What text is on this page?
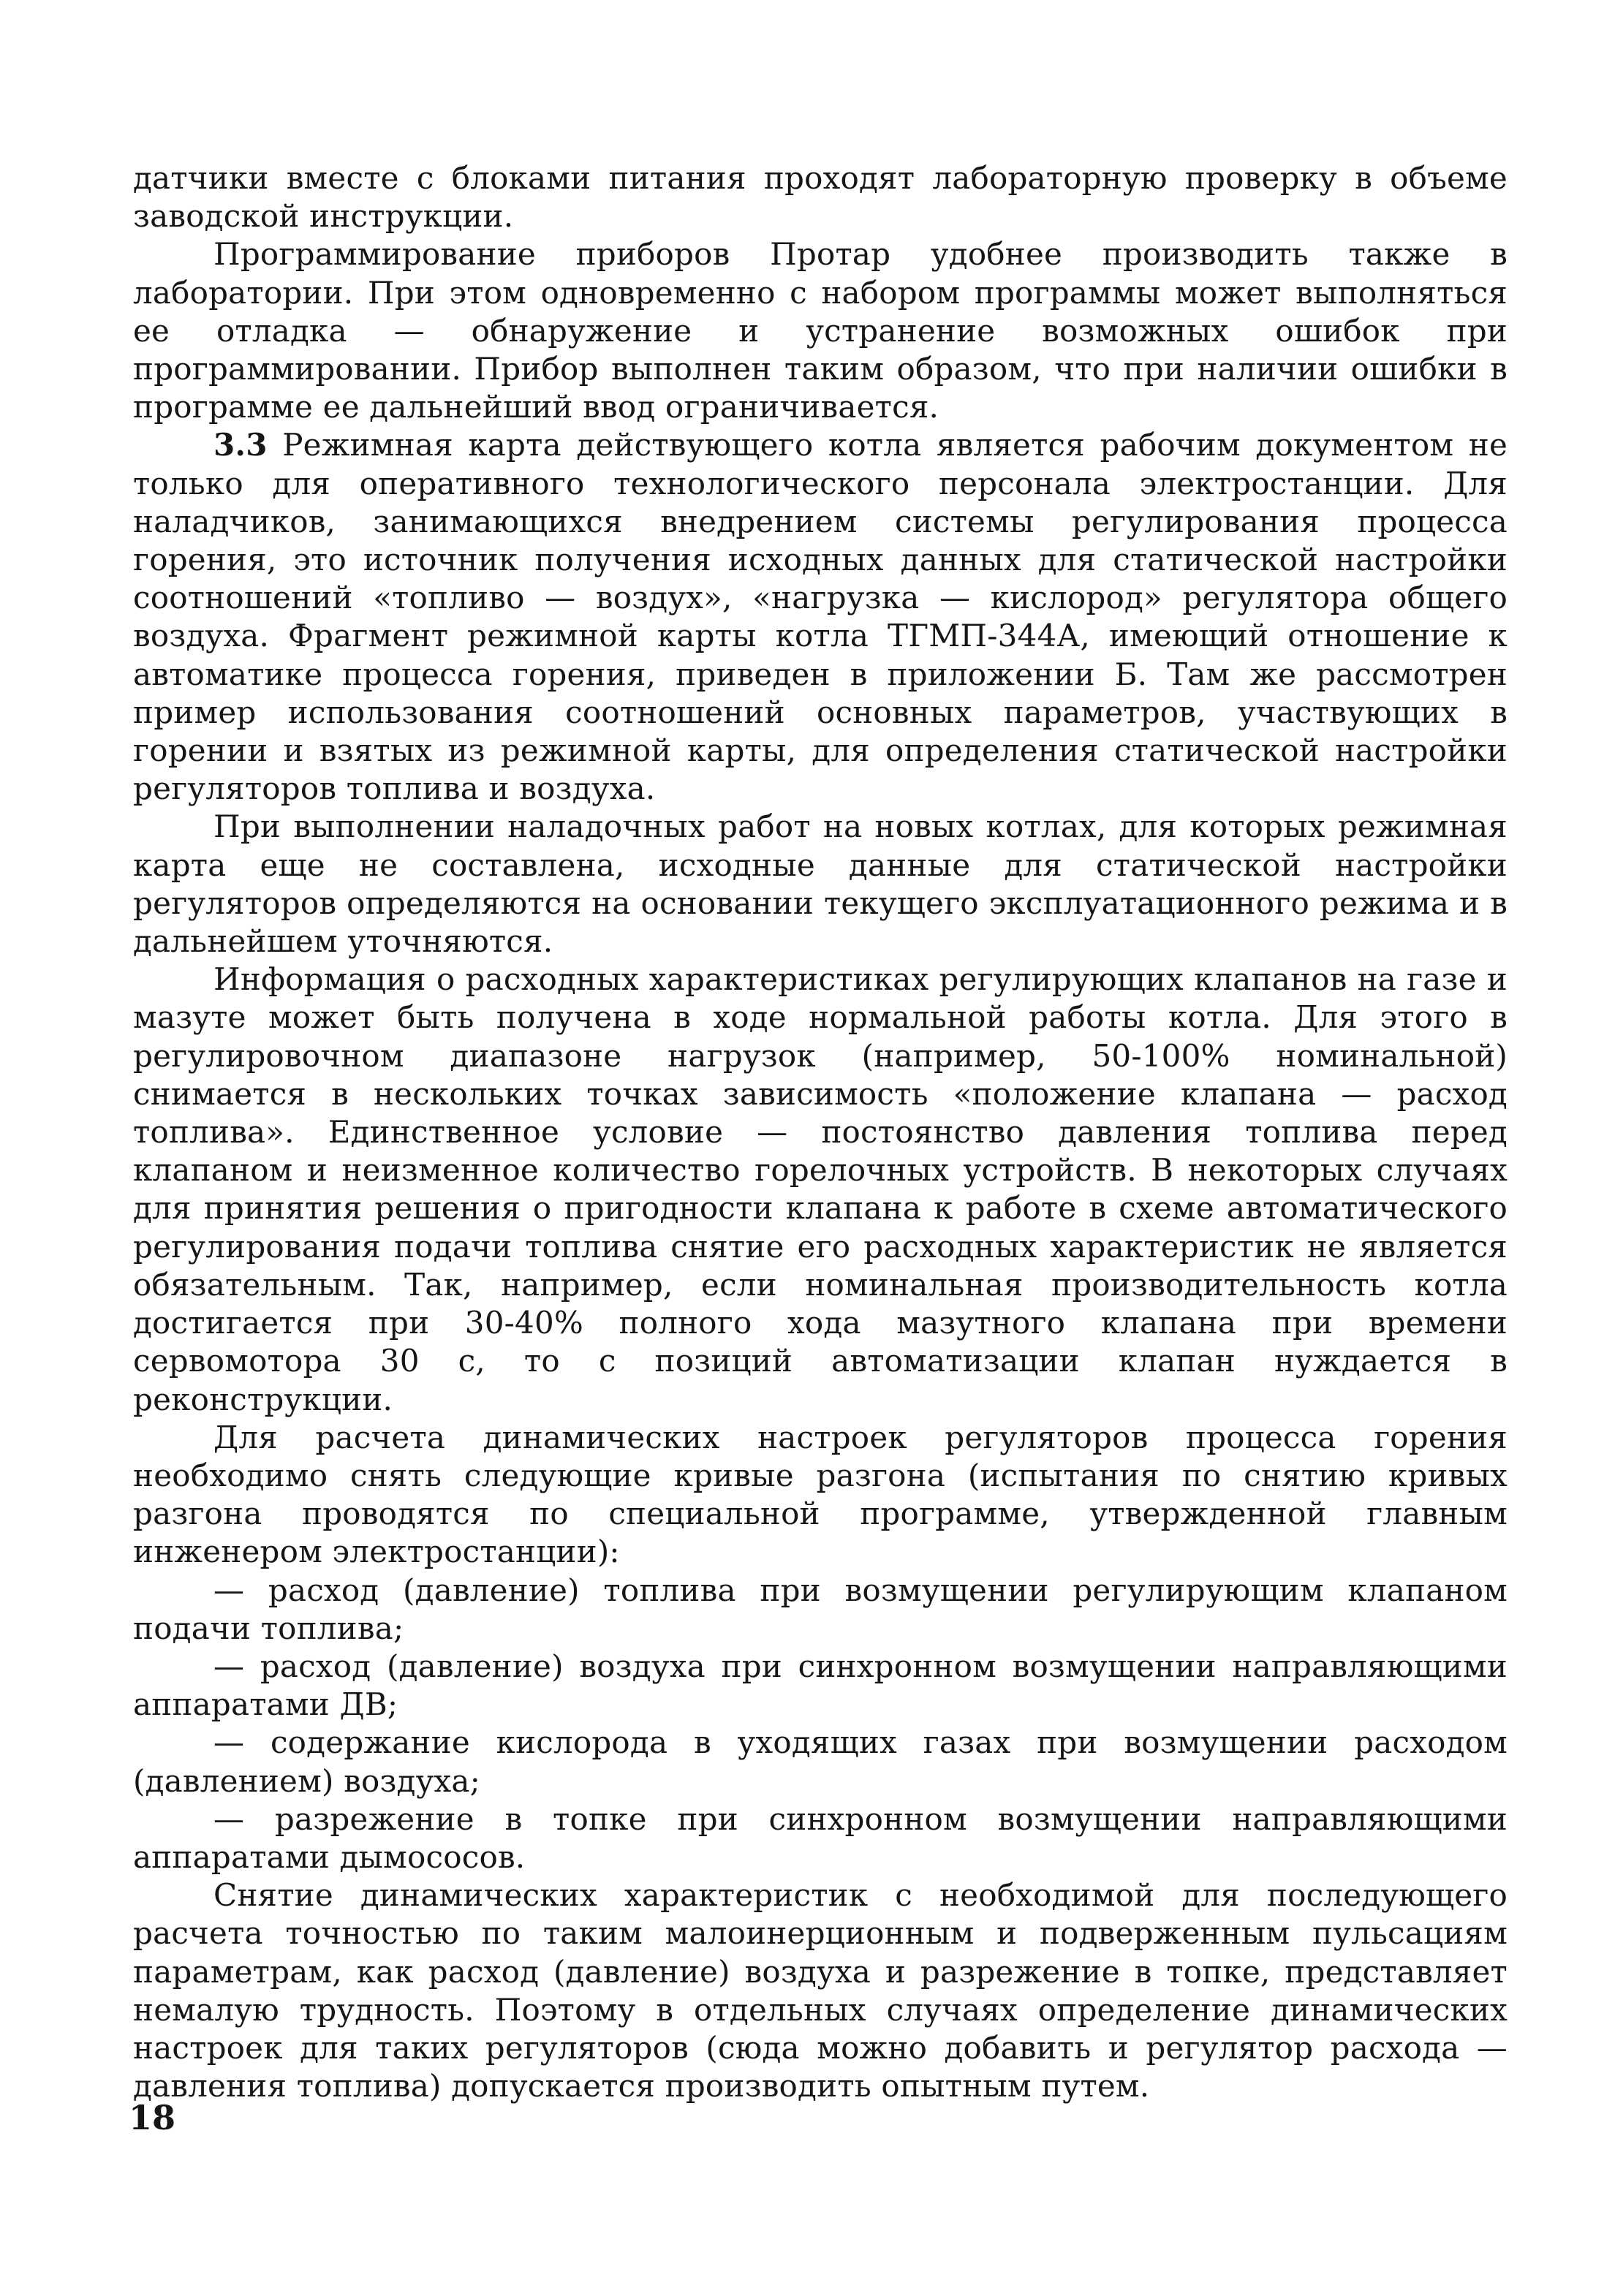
датчики вместе с блоками питания проходят лабораторную проверку в объеме заводской инструкции.

Программирование приборов Протар удобнее производить также в лаборатории. При этом одновременно с набором программы может выполняться ее отладка — обнаружение и устранение возможных ошибок при программировании. Прибор выполнен таким образом, что при наличии ошибки в программе ее дальнейший ввод ограничивается.

3.3 Режимная карта действующего котла является рабочим документом не только для оперативного технологического персонала электростанции. Для наладчиков, занимающихся внедрением системы регулирования процесса горения, это источник получения исходных данных для статической настройки соотношений «топливо — воздух», «нагрузка — кислород» регулятора общего воздуха. Фрагмент режимной карты котла ТГМП-344А, имеющий отношение к автоматике процесса горения, приведен в приложении Б. Там же рассмотрен пример использования соотношений основных параметров, участвующих в горении и взятых из режимной карты, для определения статической настройки регуляторов топлива и воздуха.

При выполнении наладочных работ на новых котлах, для которых режимная карта еще не составлена, исходные данные для статической настройки регуляторов определяются на основании текущего эксплуатационного режима и в дальнейшем уточняются.

Информация о расходных характеристиках регулирующих клапанов на газе и мазуте может быть получена в ходе нормальной работы котла. Для этого в регулировочном диапазоне нагрузок (например, 50-100% номинальной) снимается в нескольких точках зависимость «положение клапана — расход топлива». Единственное условие — постоянство давления топлива перед клапаном и неизменное количество горелочных устройств. В некоторых случаях для принятия решения о пригодности клапана к работе в схеме автоматического регулирования подачи топлива снятие его расходных характеристик не является обязательным. Так, например, если номинальная производительность котла достигается при 30-40% полного хода мазутного клапана при времени сервомотора 30 с, то с позиций автоматизации клапан нуждается в реконструкции.

Для расчета динамических настроек регуляторов процесса горения необходимо снять следующие кривые разгона (испытания по снятию кривых разгона проводятся по специальной программе, утвержденной главным инженером электростанции):

— расход (давление) топлива при возмущении регулирующим клапаном подачи топлива;

— расход (давление) воздуха при синхронном возмущении направляющими аппаратами ДВ;

— содержание кислорода в уходящих газах при возмущении расходом (давлением) воздуха;

— разрежение в топке при синхронном возмущении направляющими аппаратами дымососов.

Снятие динамических характеристик с необходимой для последующего расчета точностью по таким малоинерционным и подверженным пульсациям параметрам, как расход (давление) воздуха и разрежение в топке, представляет немалую трудность. Поэтому в отдельных случаях определение динамических настроек для таких регуляторов (сюда можно добавить и регулятор расхода — давления топлива) допускается производить опытным путем.

18
